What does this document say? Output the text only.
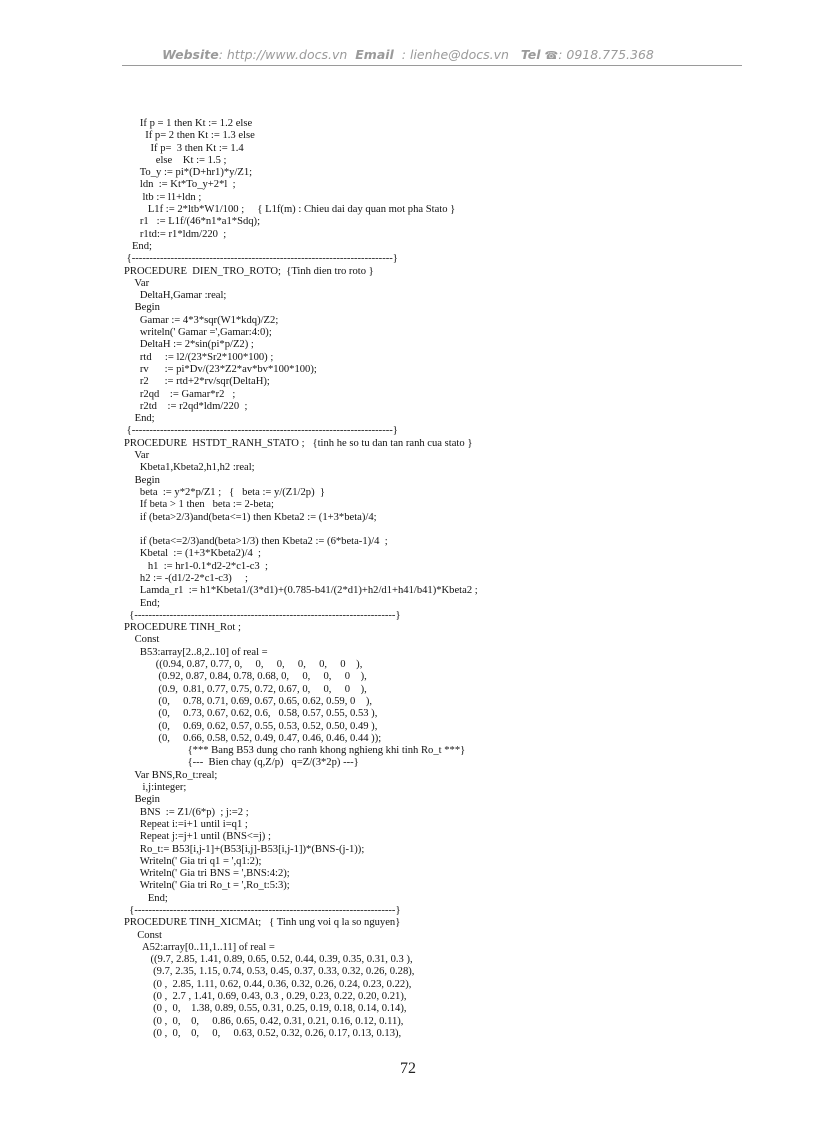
Website: http://www.docs.vn Email : lienhe@docs.vn Tel ☎: 0918.775.368
If p = 1 then Kt := 1.2 else
If p= 2 then Kt := 1.3 else
If p=  3 then Kt := 1.4
else    Kt := 1.5 ;
To_y := pi*(D+hr1)*y/Z1;
ldn  := Kt*To_y+2*l  ;
ltb := l1+ldn ;
L1f := 2*ltb*W1/100 ;     { L1f(m) : Chieu dai day quan mot pha Stato }
r1   := L1f/(46*n1*a1*Sdq);
r1td:= r1*ldm/220  ;
End;
{--------------------------------------------------------------------------}
PROCEDURE  DIEN_TRO_ROTO;  {Tinh dien tro roto }
Var
DeltaH,Gamar :real;
Begin
Gamar := 4*3*sqr(W1*kdq)/Z2;
writeln(' Gamar =',Gamar:4:0);
DeltaH := 2*sin(pi*p/Z2) ;
rtd     := l2/(23*Sr2*100*100) ;
rv      := pi*Dv/(23*Z2*av*bv*100*100);
r2      := rtd+2*rv/sqr(DeltaH);
r2qd    := Gamar*r2   ;
r2td    := r2qd*ldm/220  ;
End;
{--------------------------------------------------------------------------}
PROCEDURE  HSTDT_RANH_STATO ;   {tinh he so tu dan tan ranh cua stato }
Var
Kbeta1,Kbeta2,h1,h2 :real;
Begin
beta  := y*2*p/Z1 ;   {   beta := y/(Z1/2p)  }
If beta > 1 then   beta := 2-beta;
if (beta>2/3)and(beta<=1) then Kbeta2 := (1+3*beta)/4;
if (beta<=2/3)and(beta>1/3) then Kbeta2 := (6*beta-1)/4  ;
Kbetal  := (1+3*Kbeta2)/4  ;
h1  := hr1-0.1*d2-2*c1-c3  ;
h2 := -(d1/2-2*c1-c3)     ;
Lamda_r1  := h1*Kbeta1/(3*d1)+(0.785-b41/(2*d1)+h2/d1+h41/b41)*Kbeta2 ;
End;
{--------------------------------------------------------------------------}
PROCEDURE TINH_Rot ;
Const
B53:array[2..8,2..10] of real =
((0.94, 0.87, 0.77, 0,     0,     0,     0,     0,     0    ),
(0.92, 0.87, 0.84, 0.78, 0.68, 0,     0,     0,     0    ),
(0.9,  0.81, 0.77, 0.75, 0.72, 0.67, 0,     0,     0    ),
(0,     0.78, 0.71, 0.69, 0.67, 0.65, 0.62, 0.59, 0    ),
(0,     0.73, 0.67, 0.62, 0.6,   0.58, 0.57, 0.55, 0.53 ),
(0,     0.69, 0.62, 0.57, 0.55, 0.53, 0.52, 0.50, 0.49 ),
(0,     0.66, 0.58, 0.52, 0.49, 0.47, 0.46, 0.46, 0.44 ));
{*** Bang B53 dung cho ranh khong nghieng khi tinh Ro_t ***}
{---  Bien chay (q,Z/p)   q=Z/(3*2p) ---}
Var BNS,Ro_t:real;
i,j:integer;
Begin
BNS  := Z1/(6*p)  ; j:=2 ;
Repeat i:=i+1 until i=q1 ;
Repeat j:=j+1 until (BNS<=j) ;
Ro_t:= B53[i,j-1]+(B53[i,j]-B53[i,j-1])*(BNS-(j-1));
Writeln(' Gia tri q1 = ',q1:2);
Writeln(' Gia tri BNS = ',BNS:4:2);
Writeln(' Gia tri Ro_t = ',Ro_t:5:3);
End;
{--------------------------------------------------------------------------}
PROCEDURE TINH_XICMAt;   { Tinh ung voi q la so nguyen}
Const
A52:array[0..11,1..11] of real =
((9.7, 2.85, 1.41, 0.89, 0.65, 0.52, 0.44, 0.39, 0.35, 0.31, 0.3 ),
(9.7, 2.35, 1.15, 0.74, 0.53, 0.45, 0.37, 0.33, 0.32, 0.26, 0.28),
(0 ,  2.85, 1.11, 0.62, 0.44, 0.36, 0.32, 0.26, 0.24, 0.23, 0.22),
(0 ,  2.7 , 1.41, 0.69, 0.43, 0.3 , 0.29, 0.23, 0.22, 0.20, 0.21),
(0 ,  0,    1.38, 0.89, 0.55, 0.31, 0.25, 0.19, 0.18, 0.14, 0.14),
(0 ,  0,    0,     0.86, 0.65, 0.42, 0.31, 0.21, 0.16, 0.12, 0.11),
(0 ,  0,    0,     0,     0.63, 0.52, 0.32, 0.26, 0.17, 0.13, 0.13),
72
